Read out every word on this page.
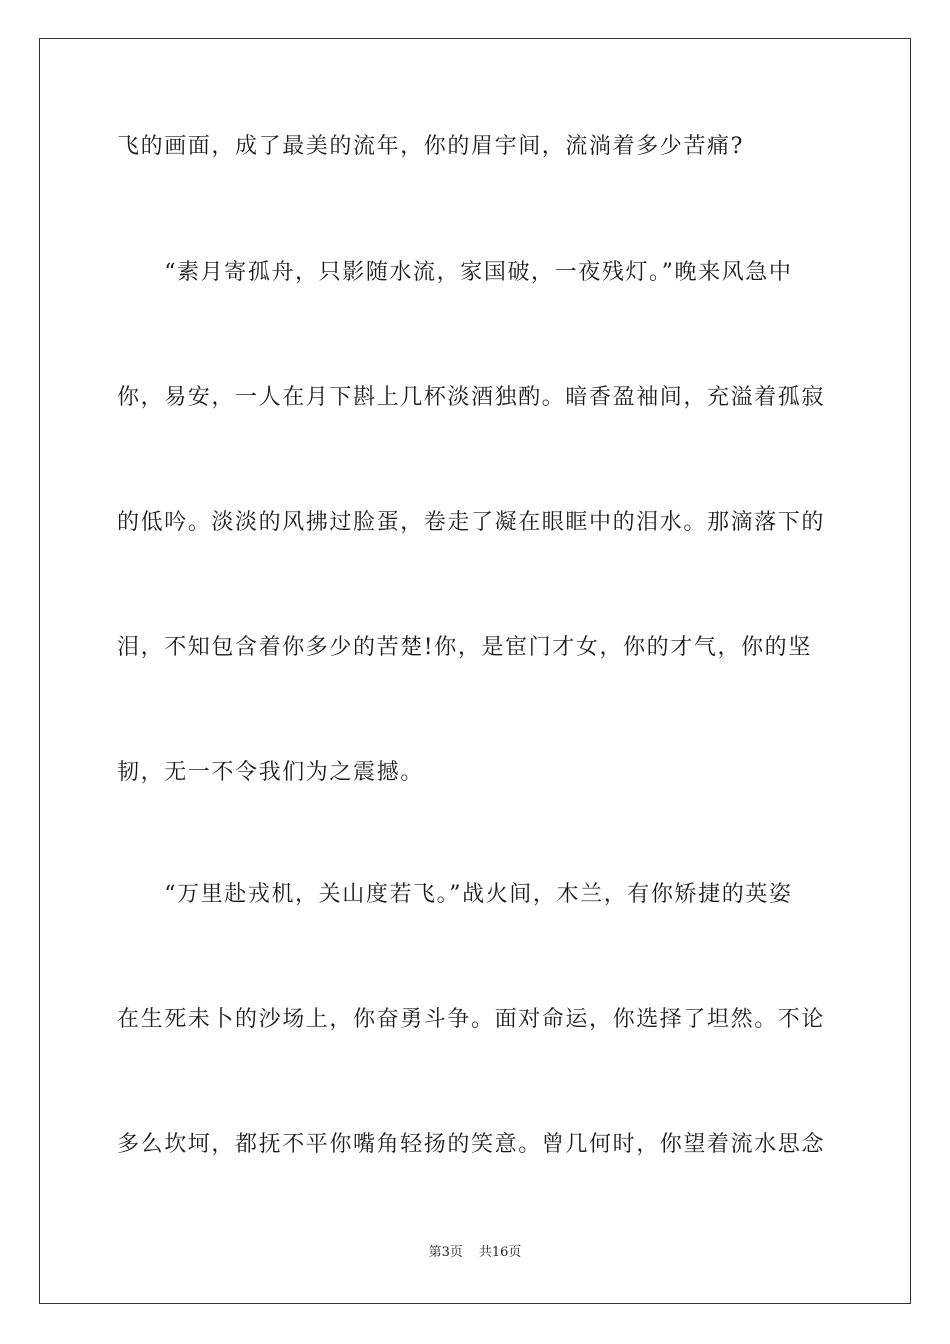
飞的画面，成了最美的流年，你的眉宇间，流淌着多少苦痛?
　　“素月寄孤舟，只影随水流，家国破，一夜残灯。”晚来风急中
你，易安，一人在月下斟上几杯淡酒独酌。暗香盈袖间，充溢着孤寂
的低吟。淡淡的风拂过脸蛋，卷走了凝在眼眶中的泪水。那滴落下的
泪，不知包含着你多少的苦楚!你，是宦门才女，你的才气，你的坚
韧，无一不令我们为之震撼。
　　“万里赴戎机，关山度若飞。”战火间，木兰，有你矫捷的英姿
在生死未卜的沙场上，你奋勇斗争。面对命运，你选择了坦然。不论
多么坎坷，都抚不平你嘴角轻扬的笑意。曾几何时，你望着流水思念
第3页 共16页
